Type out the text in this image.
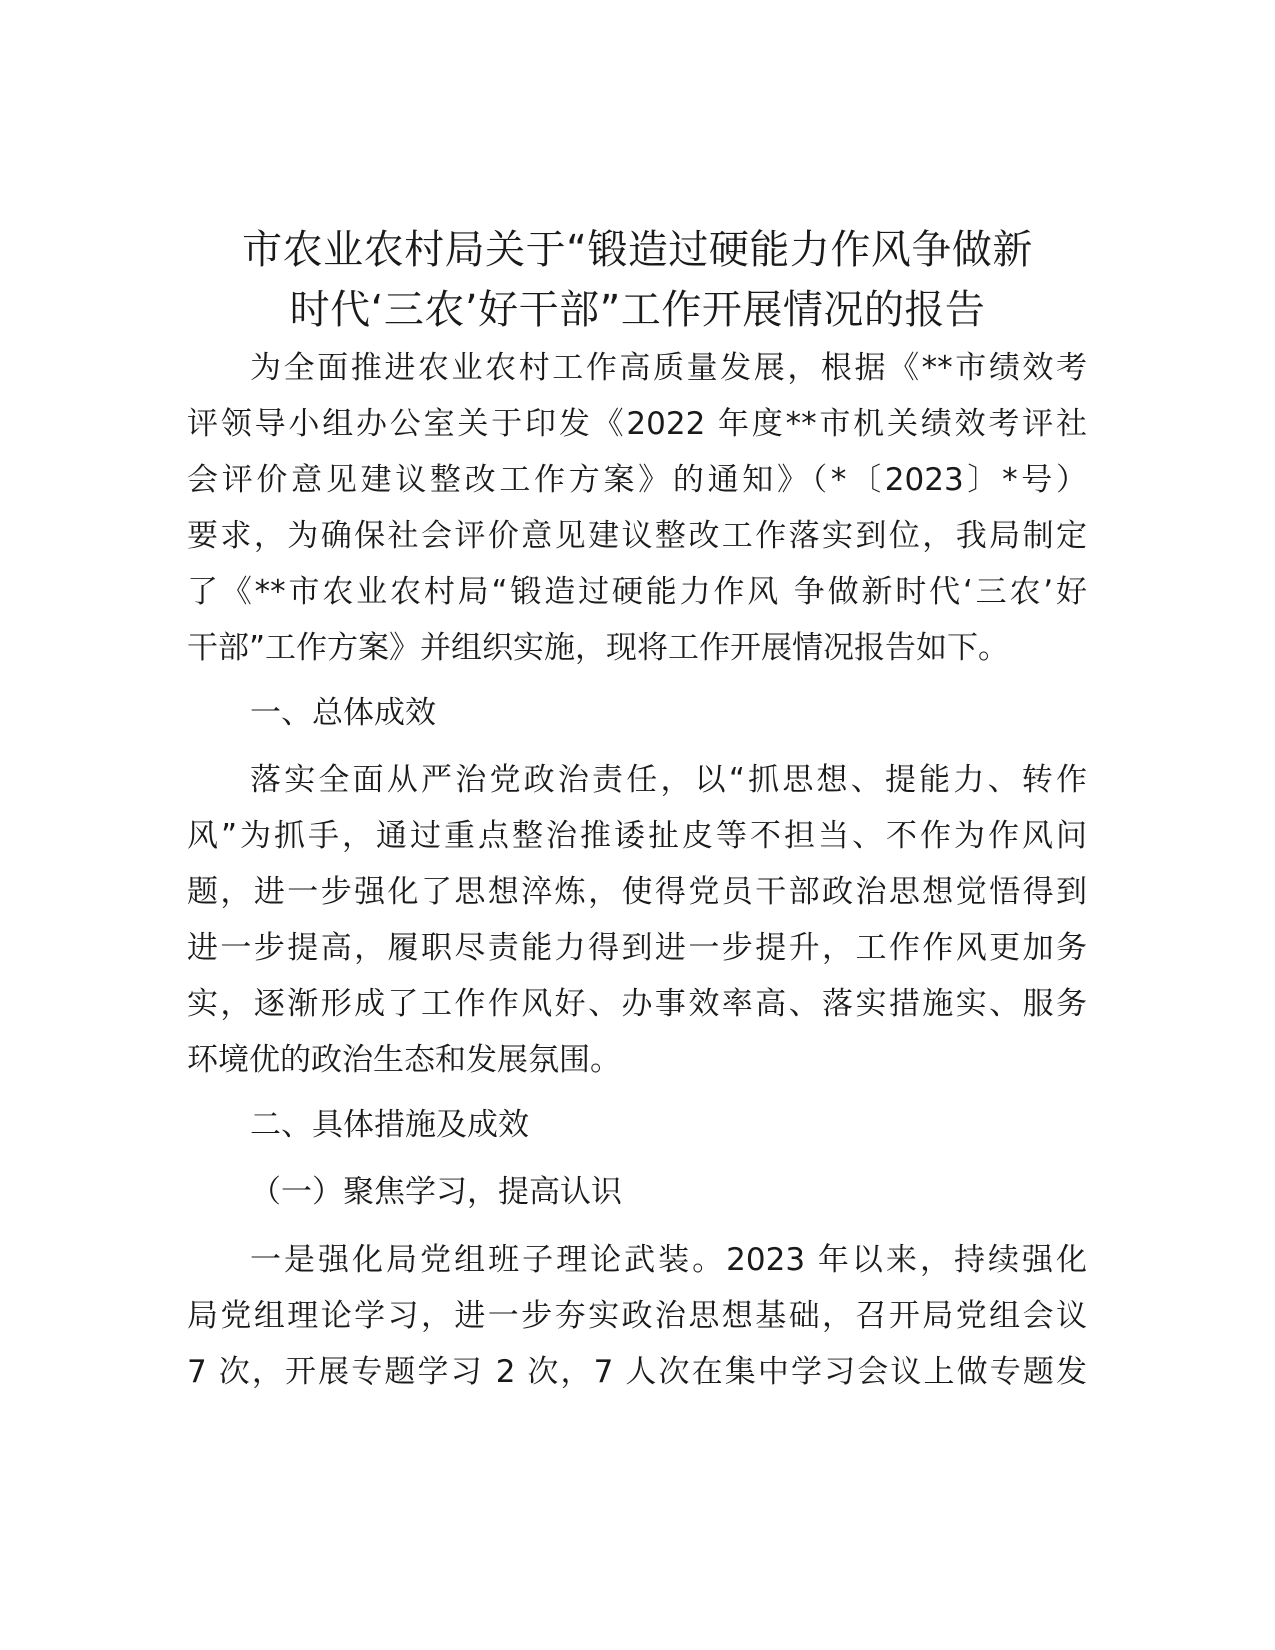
市农业农村局关于“锻造过硬能力作风争做新
时代‘三农’好干部”工作开展情况的报告

为全面推进农业农村工作高质量发展，根据《**市绩效考

评领导小组办公室关于印发《2022 年度**市机关绩效考评社

会评价意见建议整改工作方案》的通知》（*〔2023〕*号）

要求，为确保社会评价意见建议整改工作落实到位，我局制定

了《**市农业农村局“锻造过硬能力作风 争做新时代‘三农’好

干部”工作方案》并组织实施，现将工作开展情况报告如下。

一、总体成效

落实全面从严治党政治责任，以“抓思想、提能力、转作

风”为抓手，通过重点整治推诿扯皮等不担当、不作为作风问

题，进一步强化了思想淬炼，使得党员干部政治思想觉悟得到

进一步提高，履职尽责能力得到进一步提升，工作作风更加务

实，逐渐形成了工作作风好、办事效率高、落实措施实、服务

环境优的政治生态和发展氛围。

二、具体措施及成效

（一）聚焦学习，提高认识

一是强化局党组班子理论武装。2023 年以来，持续强化

局党组理论学习，进一步夯实政治思想基础，召开局党组会议

7 次，开展专题学习 2 次，7 人次在集中学习会议上做专题发
